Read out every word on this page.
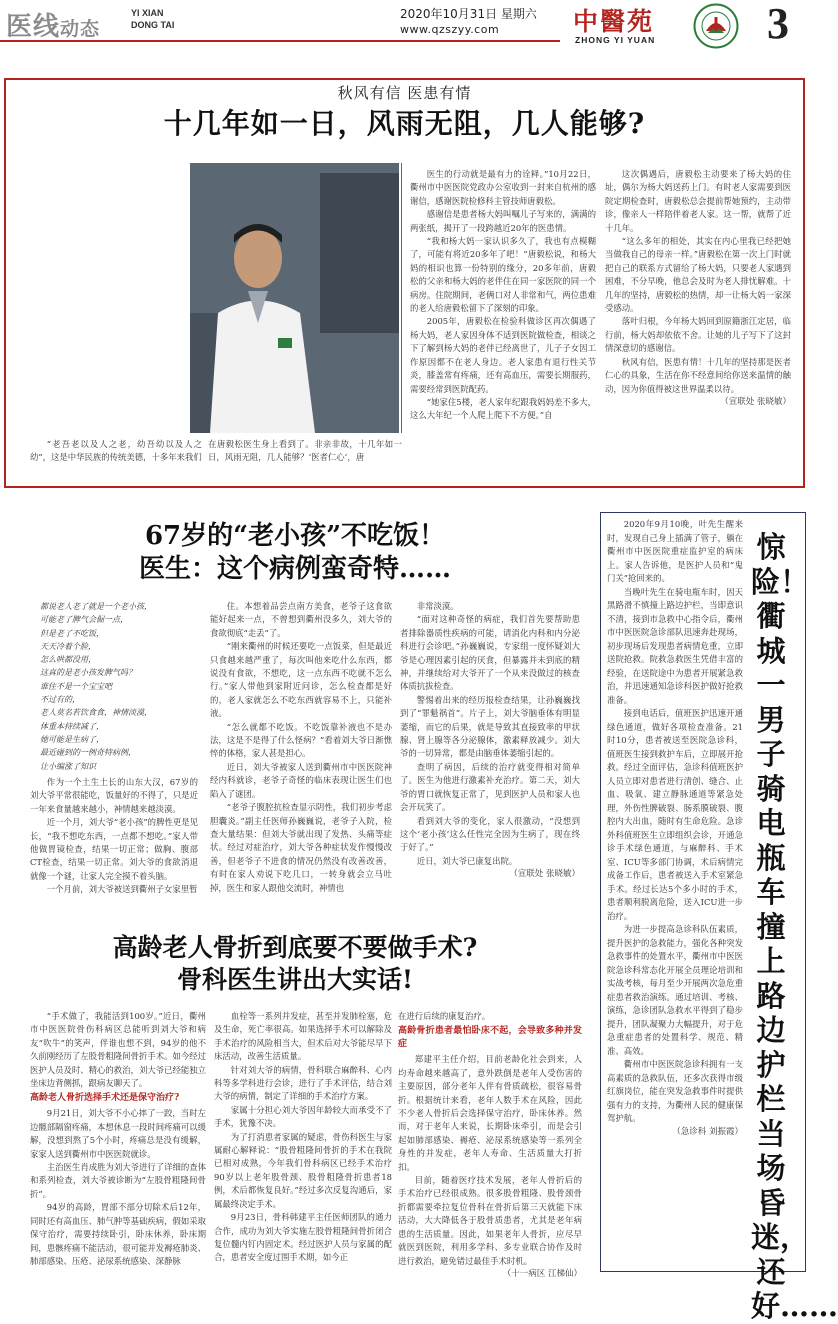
医线动态
YI XIAN
DONG TAI
2020年10月31日 星期六
www.qzszyy.com	中醫苑
ZHONG YI YUAN	3
秋风有信 医患有情
十几年如一日，风雨无阻，几人能够?

“老吾老以及人之老，幼吾幼以及人之幼”，这是中华民族的传统美德，十多年来我们

在唐毅松医生身上看到了。非亲非故，十几年如一日，风雨无阻，几人能够？‘医者仁心’，唐

医生的行动就是最有力的诠释。”10月22日，衢州市中医医院党政办公室收到一封来自杭州的感谢信，感谢医院检修科主管技师唐毅松。

感谢信是患者杨大妈叫嘱儿子写来的，满满的两张纸，揭开了一段跨越近20年的医患情。

“我和杨大妈一家认识多久了，我也有点模糊了，可能有将近20多年了吧！”唐毅松说，和杨大妈的相识也算一份特别的缘分，20多年前，唐毅松的父亲和杨大妈的老伴住在同一家医院的同一个病房。住院期间，老俩口对人非常和气，两位患难的老人给唐毅松留下了深刻的印象。

2005年，唐毅松在检验科做诊区再次偶遇了杨大妈，老人家因身体不适到医院做检查，相谈之下了解到杨大妈的老伴已经离世了，儿子子女因工作原因都不在老人身边。老人家患有退行性关节炎，膝盖常有疼痛，还有高血压，需要长期服药，需要经常到医院配药。

“她家住5楼，老人家年纪跟我妈妈差不多大，这么大年纪一个人爬上爬下不方便。”自

这次偶遇后，唐毅松主动要来了杨大妈的住址，偶尔为杨大妈送药上门。有时老人家需要到医院定期检查时，唐毅松总会提前帮她预约，主动带诊，像亲人一样陪伴着老人家。这一帮，就帮了近十几年。

“这么多年的相处，其实在内心里我已经把她当做我自己的母亲一样。”唐毅松在第一次上门时就把自己的联系方式留给了杨大妈，只要老人家遇到困难，不分早晚，他总会及时为老人排忧解难。十几年的坚持，唐毅松的热情，却一让杨大妈一家深受感动。

落叶归根，今年杨大妈回到原籍浙江定居，临行前，杨大妈却依依不舍。让她的儿子写下了这封情深意切的感谢信。

秋风有信，医患有情！十几年的坚持那是医者仁心的具象，生活在你不经意间给你送来温情的触动，因为你值得被这世界温柔以待。

（宣联处 张晓敏）
67岁的“老小孩”不吃饭！
医生：这个病例蛮奇特……
都说老人老了就是一个老小孩，
可能老了脾气会倔一点，
但是老了不吃饭，
天天冷着个脸，
怎么哄都没用，
这真的是老小孩发脾气吗？
谁住不是一个宝宝吧
不过有的，
老人莫名若饮食食，神情淡漠，
体重本持续减了，
她可能是生病了，
最近碰到的一例奇特病例，
让小编涨了知识

作为一个土生土长的山东大汉，67岁的刘大爷平常很能吃，饭量好的不得了，只是近一年来食量越来越小，神情越来越淡漠。

近一个月，刘大爷“老小孩”的脾性更是见长，“我不想吃东西，一点都不想吃。”家人带他做胃镜检查，结果一切正常；做胸、腹部CT检查，结果一切正常。刘大爷的食欲消退就像一个谜，让家人完全摸不着头脑。

一个月前，刘大爷被送到衢州子女家里暂

住。本想着品尝点南方美食，老爷子这食欲能好起来一点，不曾想到衢州没多久，刘大爷的食欲彻底“走丢”了。

“刚来衢州的时候还要吃一点饭菜，但是最近只食越来越严重了，每次叫他来吃什么东西，都说没有食欲，不想吃，这一点东西不吃就不怎么行。”家人带他到家附近问诊，怎么检查都是好的，老人家就怎么不吃东西就容易不上，只能补液。

“怎么就都不吃饭。不吃饭靠补液也不是办法，这是不是得了什么怪病？”看着刘大爷日渐憔悴的体格，家人甚是担心。

近日，刘大爷被家人送到衢州市中医医院神经内科就诊，老爷子奇怪的临床表现让医生们也陷入了谜团。

“老爷子腹腔抗检查显示阴性，我们初步考虑胆囊炎。”副主任医师孙巍巍说，老爷子入院，检查大量结果：但刘大爷就出现了发热、头痛等症状。经过对症治疗，刘大爷各种症状发作慢慢改善，但老爷子不进食的情况仍然没有改善改善，有时在家人劝说下吃几口，一转身就会立马吐掉，医生和家人跟他交流时，神情也

非常淡漠。

“面对这种奇怪的病症，我们首先要帮助患者排除器质性疾病的可能，请消化内科和内分泌科进行会诊吧。”孙巍巍说，专家组一度怀疑刘大爷是心理因素引起的厌食，但暴露并未到底的精神，并继续给对大爷开了一个从来没做过的核查体质抗拔检查。

警惕着出来的经历报检查结果，让孙巍巍找到了“罪魁祸首”。片子上，刘大爷脑垂体有明显萎缩，而它的后果，就是导致其直接致率的甲状腺、肾上腺等各分泌腺体，激素释放减少。刘大爷的一切异常，都是由脑垂体萎缩引起的。

查明了病因，后续的治疗就变得相对简单了。医生为他进行激素补充治疗。第二天，刘大爷的胃口就恢复正常了，见到医护人员和家人也会开玩笑了。

看到刘大爷的变化，家人很激动，“没想到这个‘老小孩’这么任性完全因为生病了，现在终于好了。”

近日，刘大爷已康复出院。

（宣联处 张晓敏）
高龄老人骨折到底要不要做手术?
骨科医生讲出大实话!

“手术做了，我能活到100岁。”近日，衢州市中医医院骨伤科病区总能听到刘大爷和病友“吹牛”的笑声，伴谁也想不到，94岁的他不久前刚经历了左股骨粗隆间骨折手术。如今经过医护人员及时、精心的救治，刘大爷已经能独立坐床边背侧抓，跟病友聊天了。

高龄老人骨折选择手术还是保守治疗?

9月21日，刘大爷不小心摔了一跤，当时左边髋部隔窗疼痛，本想休息一段时间疼痛可以缓解，没想到熬了5个小时，疼痛总是没有缓解，家家人送到衢州市中医医院就诊。

主治医生肖成胜为刘大爷进行了详细的查体和系列检查，刘大爷被诊断为“左股骨粗隆间骨折”。

94岁的高龄，胃部不部分切除术后12年，同时还有高血压、肺气肿等基础疾病，假如采取保守治疗，需要持续卧引，卧床休养，卧床期间，患骸疼痛不能活动，很可能并发褥疮肺炎、肺部感染、压疮、泌尿系统感染、深静脉

血栓等一系列并发症，甚至并发肺栓塞，危及生命，死亡率很高。如果选择手术可以解除及手术治疗的风险相当大，但术后对大爷能尽早下床活动，改善生活质量。

针对刘大爷的病情，骨科联合麻醉科、心内科等多学科进行会诊，进行了手术评估，结合刘大爷的病情，制定了详细的手术治疗方案。

家属十分担心刘大爷因年龄较大而承受不了手术，犹豫不决。

为了打消患者家属的疑虑，骨伤科医生与家属耐心解释说：“股骨粗隆间骨折的手术在我院已相对成熟，今年我们骨科病区已经手术治疗90岁以上老年股骨颈、股骨粗隆骨折患者18例，术后都恢复良好。”经过多次反复沟通后，家属最终决定手术。

9月23日，骨科韩建平主任医师团队的通力合作，成功为刘大爷实施左股骨粗隆间骨折闭合复位髓内钉内固定术。经过医护人员与家属的配合，患者安全度过围手术期，如今正

在进行后续的康复治疗。

高龄骨折患者最怕卧床不起，会导致多种并发症

郑建平主任介绍，目前老龄化社会到来，人均寿命越来越高了，意外跌倒是老年人受伤害的主要原因，部分老年人伴有骨质疏松，很容易骨折。根据统计来看，老年人数手术在风险，因此不少老人骨折后会选择保守治疗，卧床休养。然而，对于老年人来说，长期卧床牵引，而是会引起如肺部感染、褥疮、泌尿系统感染等一系列全身性的并发症，老年人寿命、生活质量大打折扣。

目前，随着医疗技术发展，老年人骨折后的手术治疗已经很成熟。很多股骨粗隆、股骨颈骨折都需要牵拉复位骨科在骨折后第三天就能下床活动，大大降低各于股骨质患者，尤其是老年病患的生活质量。因此，如果老年人骨折，应尽早就医到医院，利用多学科、多专业联合协作及时进行救治，避免错过最佳手术时机。

（十一病区 江梯仙）
惊险！衢城一男子骑电瓶车撞上路边护栏当场昏迷，还好……

2020年9月10晚，叶先生醒来时，发现自己身上插满了管子，躺在衢州市中医医院重症监护室的病床上。家人告诉他，是医护人员和“鬼门关”抢回来的。

当晚叶先生在骑电瓶车时，因天黑路滑不慎撞上路边护栏，当即意识不清，接到市急救中心指令后，衢州市中医医院急诊部队迅速奔赴现场，初步现场后发现患者病情危重，立即送院抢救。院救急救医生凭借丰富的经验，在送院途中为患者开展紧急救治，并迅速通知急诊科医护做好抢救准备。

接到电话后，值班医护迅速开通绿色通道，做好各项检查准备。21时10分，患者被送至医院急诊科，值班医生接到救护车后，立即展开抢救。经过全面评估，急诊科值班医护人员立即对患者进行清创、缝合、止血、吸氧、建立静脉通道等紧急处理，外伤性脾破裂、肠系膜破裂、腹腔内大出血，随时有生命危险。急诊外科值班医生立即组织会诊，开通急诊手术绿色通道，与麻醉科、手术室、ICU等多部门协调，术后病情完成备工作后，患者被送入手术室紧急手术。经过长达5个多小时的手术，患者顺利脱离危险，送入ICU进一步治疗。

为进一步提高急诊科队伍素质，提升医护的急救能力，强化各种突发急救事件的处置水平，衢州市中医医院急诊科常态化开展全员理论培训和实战考核，每月至少开展两次急危重症患者救治演练。通过培训、考核、演练，急诊团队急救水平得到了稳步提升，团队凝聚力大幅提升，对于危急重症患者的处置科学、规范、精准、高效。

衢州市中医医院急诊科拥有一支高素质的急救队伍，还多次获得市级红旗岗位，能在突发急救事件时提供强有力的支持，为衢州人民的健康保驾护航。

（急诊科 刘振霞）
